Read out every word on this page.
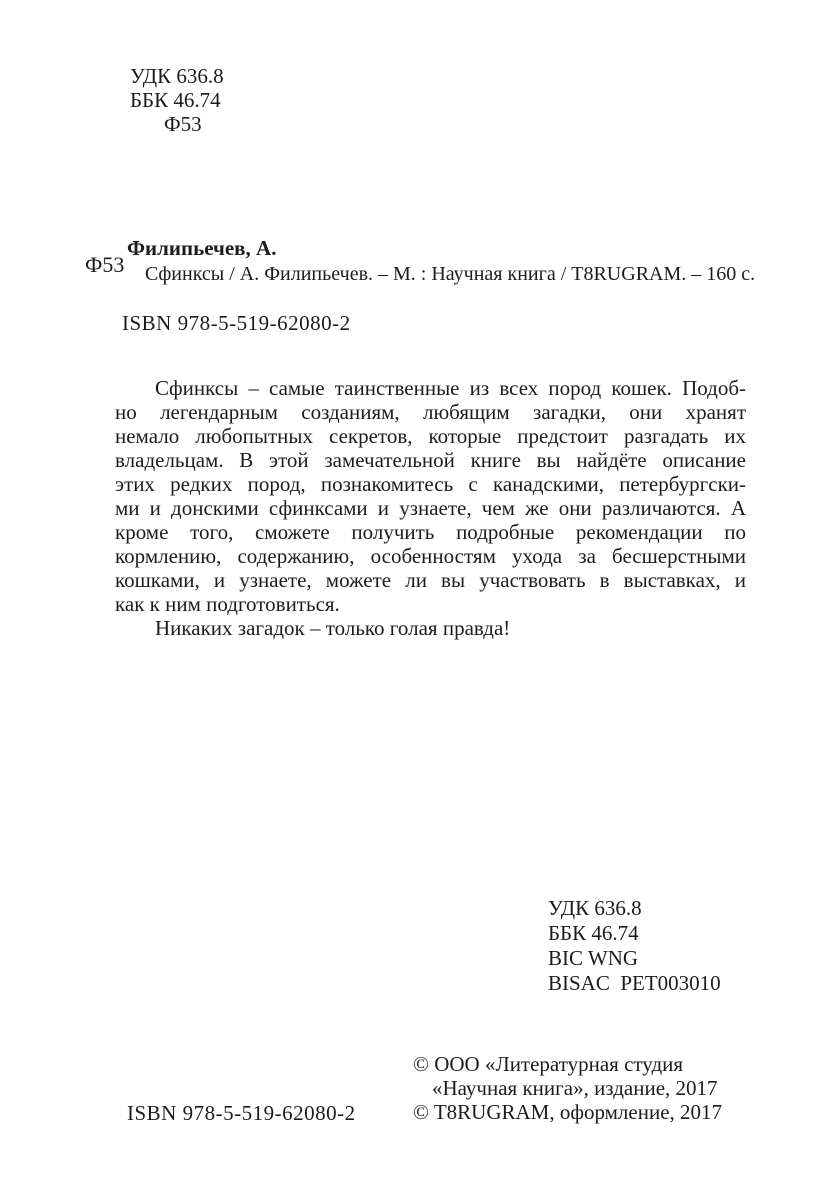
УДК 636.8
ББК 46.74
Ф53
Ф53
Филипьечев, А.
Сфинксы / А. Филипьечев. – М. : Научная книга / T8RUGRAM. – 160 с.
ISBN 978-5-519-62080-2
Сфинксы – самые таинственные из всех пород кошек. Подоб-
но легендарным созданиям, любящим загадки, они хранят
немало любопытных секретов, которые предстоит разгадать их
владельцам. В этой замечательной книге вы найдёте описание
этих редких пород, познакомитесь с канадскими, петербургски-
ми и донскими сфинксами и узнаете, чем же они различаются. А
кроме того, сможете получить подробные рекомендации по
кормлению, содержанию, особенностям ухода за бесшерстными
кошками, и узнаете, можете ли вы участвовать в выставках, и
как к ним подготовиться.
Никаких загадок – только голая правда!
УДК 636.8
ББК 46.74
BIC WNG
BISAC  PET003010
© ООО «Литературная студия
«Научная книга», издание, 2017
© T8RUGRAM, оформление, 2017
ISBN 978-5-519-62080-2
